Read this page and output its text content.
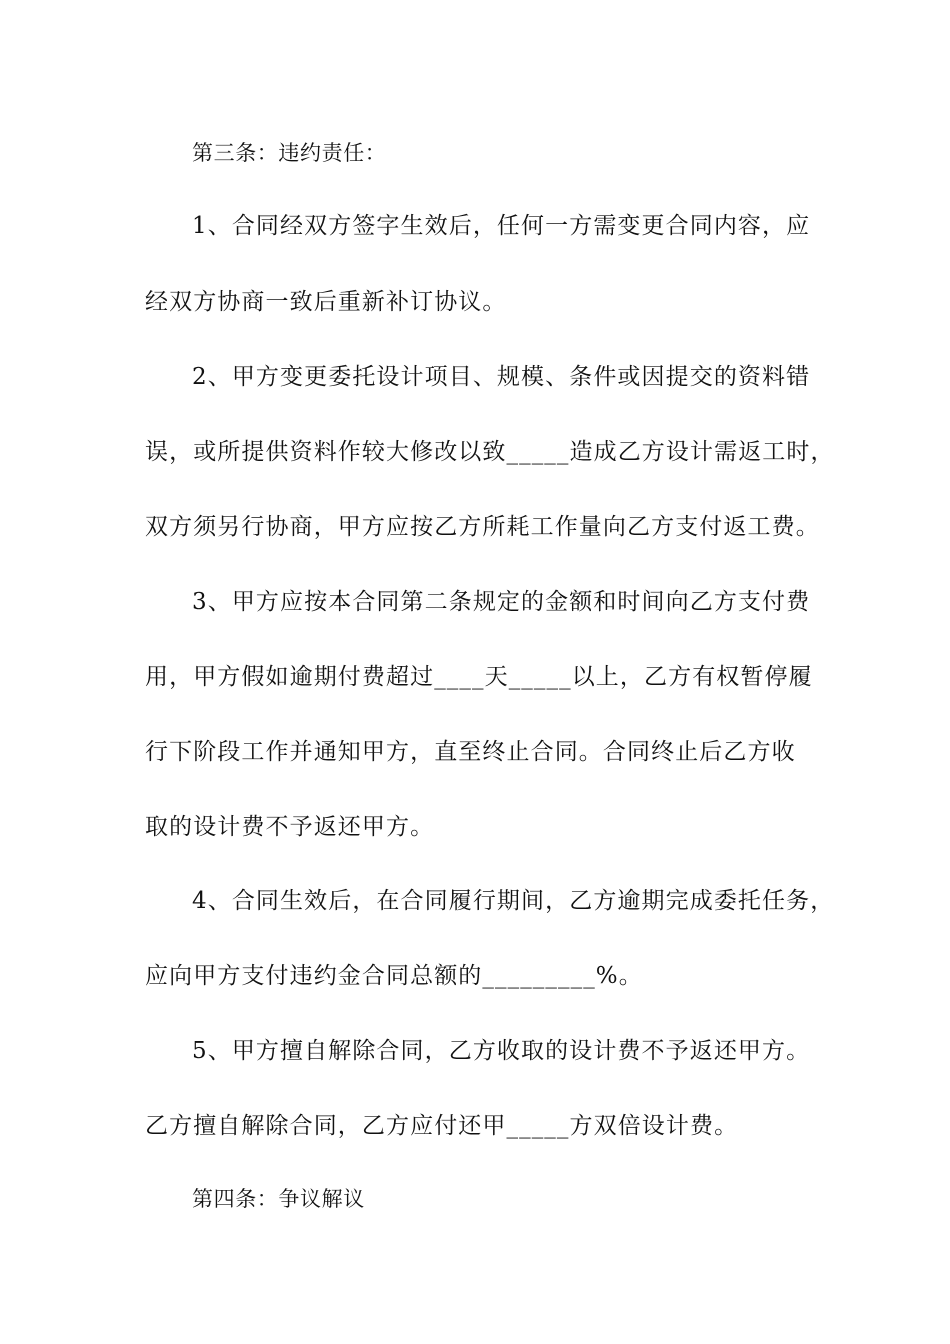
第三条：违约责任：
1、合同经双方签字生效后，任何一方需变更合同内容，应
经双方协商一致后重新补订协议。
2、甲方变更委托设计项目、规模、条件或因提交的资料错
误，或所提供资料作较大修改以致_____造成乙方设计需返工时，
双方须另行协商，甲方应按乙方所耗工作量向乙方支付返工费。
3、甲方应按本合同第二条规定的金额和时间向乙方支付费
用，甲方假如逾期付费超过____天_____以上，乙方有权暂停履
行下阶段工作并通知甲方，直至终止合同。合同终止后乙方收
取的设计费不予返还甲方。
4、合同生效后，在合同履行期间，乙方逾期完成委托任务，
应向甲方支付违约金合同总额的_________%。
5、甲方擅自解除合同，乙方收取的设计费不予返还甲方。
乙方擅自解除合同，乙方应付还甲_____方双倍设计费。
第四条：争议解议
